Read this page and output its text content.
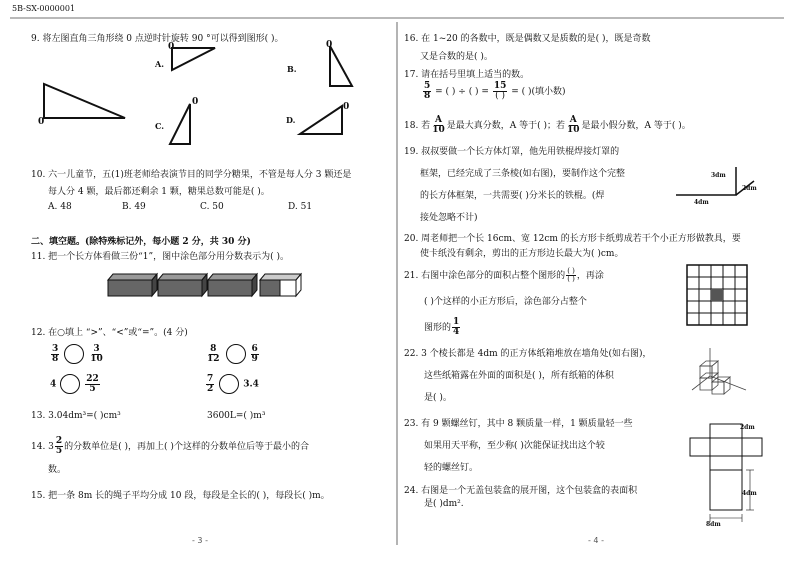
5B-SX-0000001
9. 将左图直角三角形绕 0 点逆时针旋转 90 °可以得到图形( )。
0
0	0
0	0
A.	B.
C.
D.
10. 六一儿童节，五(1)班老师给表演节目的同学分糖果，不管是每人分 3 颗还是
每人分 4 颗，最后都还剩余 1 颗，糖果总数可能是( )。
A. 48	B. 49	C. 50	D. 51
二、填空题。(除特殊标记外，每小题 2 分，共 30 分)
11. 把一个长方体看做三份“1”，图中涂色部分用分数表示为( )。
12. 在○填上 “>”、“<”或“=”。(4 分)
$\frac{3}{8}$	$\frac{3}{10}$	$\frac{8}{12}$	$\frac{6}{9}$
4	$\frac{22}{5}$	$\frac{7}{2}$	3.4
13. 3.04dm³=( )cm³	3600L=( )m³
14. $3 \frac{2}{5}$ 的分数单位是( )，再加上( )个这样的分数单位后等于最小的合
数。
15. 把一条 8m 长的绳子平均分成 10 段，每段是全长的( )，每段长( )m。
- 3 -
16. 在 1~20 的各数中，既是偶数又是质数的是( )，既是奇数
又是合数的是( )。
17. 请在括号里填上适当的数。
$\frac{5}{8}$ = ( ) ÷ ( ) = $\frac{15}{( )}$ = ( )(填小数)
18. 若 $\frac{A}{10}$ 是最大真分数，A 等于( )；若 $\frac{A}{10}$ 是最小假分数，A 等于( )。
19. 叔叔要做一个长方体灯罩，他先用铁棍焊接灯罩的
框架，已经完成了三条棱(如右图)，要制作这个完整
的长方体框架，一共需要( )分米长的铁棍。(焊
接处忽略不计)
3dm
2dm
4dm
20. 周老师把一个长 16cm、宽 12cm 的长方形卡纸剪成若干个小正方形做教具，要
使卡纸没有剩余，剪出的正方形边长最大为( )cm。
21. 右图中涂色部分的面积占整个图形的 $\frac{( )}{( )}$ ，再涂
( )个这样的小正方形后，涂色部分占整个
图形的 $\frac{1}{4}$
22. 3 个棱长都是 4dm 的正方体纸箱堆放在墙角处(如右图)，
这些纸箱露在外面的面积是( )，所有纸箱的体积
是( )。
23. 有 9 颗螺丝钉，其中 8 颗质量一样，1 颗质量轻一些
如果用天平称，至少称( )次能保证找出这个较
轻的螺丝钉。
24. 右图是一个无盖包装盒的展开图，这个包装盒的表面积
是( )dm².
2dm
4dm
8dm
- 4 -
